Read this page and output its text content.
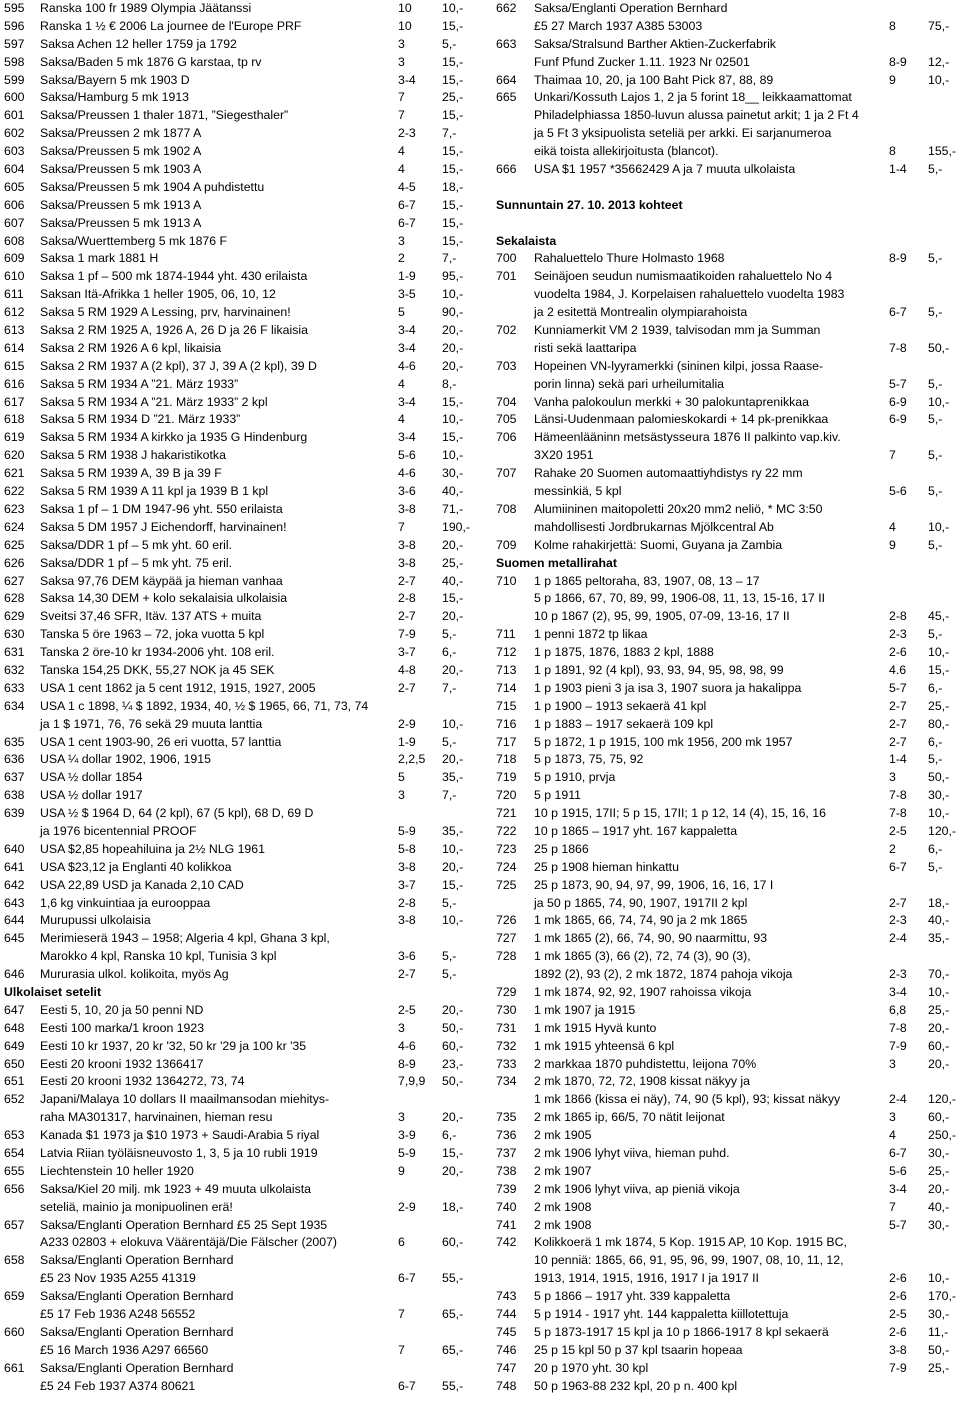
595 Ranska 100 fr 1989 Olympia Jäätanssi	10 10,-
596 Ranska 1 ½ € 2006 La journee de l'Europe PRF	10 15,-
597 Saksa Achen 12 heller 1759 ja 1792	3	5,-
598 Saksa/Baden 5 mk 1876 G karstaa, tp rv	3	15,-
599 Saksa/Bayern 5 mk 1903 D	3-4 15,-
600 Saksa/Hamburg 5 mk 1913	7	25,-
601 Saksa/Preussen 1 thaler 1871, ”Siegesthaler”	7	15,-
602 Saksa/Preussen 2 mk 1877 A	2-3 7,-
603 Saksa/Preussen 5 mk 1902 A	4	15,-
604 Saksa/Preussen 5 mk 1903 A	4	15,-
605 Saksa/Preussen 5 mk 1904 A puhdistettu	4-5 18,-
606 Saksa/Preussen 5 mk 1913 A	6-7 15,-
607 Saksa/Preussen 5 mk 1913 A	6-7 15,-
608 Saksa/Wuerttemberg 5 mk 1876 F	3	15,-
609 Saksa 1 mark 1881 H	2	7,-
610 Saksa 1 pf – 500 mk 1874-1944 yht. 430 erilaista	1-9 95,-
611 Saksan Itä-Afrikka 1 heller 1905, 06, 10, 12	3-5 10,-
612 Saksa 5 RM 1929 A Lessing, prv, harvinainen!	5	90,-
613 Saksa 2 RM 1925 A, 1926 A, 26 D ja 26 F likaisia	3-4 20,-
614 Saksa 2 RM 1926 A 6 kpl, likaisia	3-4 20,-
615 Saksa 2 RM 1937 A (2 kpl), 37 J, 39 A (2 kpl), 39 D	4-6 20,-
616 Saksa 5 RM 1934 A ”21. März 1933”	4	8,-
617 Saksa 5 RM 1934 A ”21. März 1933” 2 kpl	3-4 15,-
618 Saksa 5 RM 1934 D ”21. März 1933”	4	10,-
619 Saksa 5 RM 1934 A kirkko ja 1935 G Hindenburg	3-4 15,-
620 Saksa 5 RM 1938 J hakaristikotka	5-6 10,-
621 Saksa 5 RM 1939 A, 39 B ja 39 F	4-6 30,-
622 Saksa 5 RM 1939 A 11 kpl ja 1939 B 1 kpl	3-6 40,-
623 Saksa 1 pf – 1 DM 1947-96 yht. 550 erilaista	3-8 71,-
624 Saksa 5 DM 1957 J Eichendorff, harvinainen!	7	190,-
625 Saksa/DDR 1 pf – 5 mk yht. 60 eril.	3-8 20,-
626 Saksa/DDR 1 pf – 5 mk yht. 75 eril.	3-8 25,-
627 Saksa 97,76 DEM käypää ja hieman vanhaa	2-7 40,-
628 Saksa 14,30 DEM + kolo sekalaisia ulkolaisia	2-8 15,-
629 Sveitsi 37,46 SFR, Itäv. 137 ATS + muita	2-7 20,-
630 Tanska 5 öre 1963 – 72, joka vuotta 5 kpl	7-9 5,-
631 Tanska 2 öre-10 kr 1934-2006 yht. 108 eril.	3-7 6,-
632 Tanska 154,25 DKK, 55,27 NOK ja 45 SEK	4-8 20,-
633 USA 1 cent 1862 ja 5 cent 1912, 1915, 1927, 2005	2-7 7,-
634 USA 1 c 1898, ¼ $ 1892, 1934, 40, ½ $ 1965, 66, 71, 73, 74
ja 1 $ 1971, 76, 76 sekä 29 muuta lanttia	2-9 10,-
635 USA 1 cent 1903-90, 26 eri vuotta, 57 lanttia	1-9 5,-
636 USA ¼ dollar 1902, 1906, 1915	2,2,5 20,-
637 USA ½ dollar 1854	5	35,-
638 USA ½ dollar 1917	3	7,-
639 USA ½ $ 1964 D, 64 (2 kpl), 67 (5 kpl), 68 D, 69 D
ja 1976 bicentennial PROOF	5-9 35,-
640 USA $2,85 hopeahiluina ja 2½ NLG 1961	5-8 10,-
641 USA $23,12 ja Englanti 40 kolikkoa	3-8 20,-
642 USA 22,89 USD ja Kanada 2,10 CAD	3-7 15,-
643 1,6 kg vinkuintiaa ja eurooppaa	2-8 5,-
644 Murupussi ulkolaisia	3-8 10,-
645 Merimieserä 1943 – 1958; Algeria 4 kpl, Ghana 3 kpl,
Marokko 4 kpl, Ranska 10 kpl, Tunisia 3 kpl	3-6 5,-
646 Mururasia ulkol. kolikoita, myös Ag	2-7 5,-
Ulkolaiset setelit
647 Eesti 5, 10, 20 ja 50 penni ND	2-5 20,-
648 Eesti 100 marka/1 kroon 1923	3	50,-
649 Eesti 10 kr 1937, 20 kr '32, 50 kr '29 ja 100 kr '35	4-6 60,-
650 Eesti 20 krooni 1932 1366417	8-9 23,-
651 Eesti 20 krooni 1932 1364272, 73, 74	7,9,9 50,-
652 Japani/Malaya 10 dollars II maailmansodan miehitys-
raha MA301317, harvinainen, hieman resu	3	20,-
653 Kanada $1 1973 ja $10 1973 + Saudi-Arabia 5 riyal	3-9 6,-
654 Latvia Riian työläisneuvosto 1, 3, 5 ja 10 rubli 1919	5-9 15,-
655 Liechtenstein 10 heller 1920	9	20,-
656 Saksa/Kiel 20 milj. mk 1923 + 49 muuta ulkolaista
seteliä, mainio ja monipuolinen erä!	2-9 18,-
657 Saksa/Englanti Operation Bernhard £5 25 Sept 1935
A233 02803 + elokuva Väärentäjä/Die Fälscher (2007)	6	60,-
658 Saksa/Englanti Operation Bernhard
£5 23 Nov 1935 A255 41319	6-7 55,-
659 Saksa/Englanti Operation Bernhard
£5 17 Feb 1936 A248 56552	7	65,-
660 Saksa/Englanti Operation Bernhard
£5 16 March 1936 A297 66560	7	65,-
661 Saksa/Englanti Operation Bernhard
£5 24 Feb 1937 A374 80621	6-7 55,-
662 Saksa/Englanti Operation Bernhard
£5 27 March 1937 A385 53003	8	75,-
663 Saksa/Stralsund Barther Aktien-Zuckerfabrik
Funf Pfund Zucker 1.11. 1923 Nr 02501	8-9 12,-
664 Thaimaa 10, 20, ja 100 Baht Pick 87, 88, 89	9	10,-
665 Unkari/Kossuth Lajos 1, 2 ja 5 forint 18__ leikkaamattomat
Philadelphiassa 1850-luvun alussa painetut arkit; 1 ja 2 Ft 4
ja 5 Ft 3 yksipuolista seteliä per arkki. Ei sarjanumeroa
eikä toista allekirjoitusta (blancot).	8	155,-
666 USA $1 1957 *35662429 A ja 7 muuta ulkolaista	1-4 5,-
Sunnuntain 27. 10. 2013 kohteet
Sekalaista
700 Rahaluettelo Thure Holmasto 1968	8-9 5,-
701 Seinäjoen seudun numismaatikoiden rahaluettelo No 4
vuodelta 1984, J. Korpelaisen rahaluettelo vuodelta 1983
ja 2 esitettä Montrealin olympiarahoista	6-7 5,-
702 Kunniamerkit VM 2 1939, talvisodan mm ja Summan
risti sekä laattaripa	7-8 50,-
703 Hopeinen VN-lyyramerkki (sininen kilpi, jossa Raase-
porin linna) sekä pari urheilumitalia	5-7 5,-
704 Vanha palokoulun merkki + 30 palokuntaprenikkaa	6-9 10,-
705 Länsi-Uudenmaan palomieskokardi + 14 pk-prenikkaa	6-9 5,-
706 Hämeenlääninn metsästysseura 1876 II palkinto vap.kiv.
3X20 1951	7	5,-
707 Rahake 20 Suomen automaattiyhdistys ry 22 mm
messinkiä, 5 kpl	5-6 5,-
708 Alumiininen maitopoletti 20x20 mm2 neliö, * MC 3:50
mahdollisesti Jordbrukarnas Mjölkcentral Ab	4	10,-
709 Kolme rahakirjettä: Suomi, Guyana ja Zambia	9	5,-
Suomen metallirahat
710 1 p 1865 peltoraha, 83, 1907, 08, 13 – 17
5 p 1866, 67, 70, 89, 99, 1906-08, 11, 13, 15-16, 17 II
10 p 1867 (2), 95, 99, 1905, 07-09, 13-16, 17 II	2-8 45,-
711 1 penni 1872 tp likaa	2-3 5,-
712 1 p 1875, 1876, 1883 2 kpl, 1888	2-6 10,-
713 1 p 1891, 92 (4 kpl), 93, 93, 94, 95, 98, 98, 99	4.6 15,-
714 1 p 1903 pieni 3 ja isa 3, 1907 suora ja hakalippa	5-7 6,-
715 1 p 1900 – 1913 sekaerä 41 kpl	2-7 25,-
716 1 p 1883 – 1917 sekaerä 109 kpl	2-7 80,-
717 5 p 1872, 1 p 1915, 100 mk 1956, 200 mk 1957	2-7 6,-
718 5 p 1873, 75, 75, 92	1-4 5,-
719 5 p 1910, prvja	3	50,-
720 5 p 1911	7-8 30,-
721 10 p 1915, 17II; 5 p 15, 17II; 1 p 12, 14 (4), 15, 16, 16	7-8 10,-
722 10 p 1865 – 1917 yht. 167 kappaletta	2-5 120,-
723 25 p 1866	2	6,-
724 25 p 1908 hieman hinkattu	6-7 5,-
725 25 p 1873, 90, 94, 97, 99, 1906, 16, 16, 17 I
ja 50 p 1865, 74, 90, 1907, 1917II 2 kpl	2-7 18,-
726 1 mk 1865, 66, 74, 74, 90 ja 2 mk 1865	2-3 40,-
727 1 mk 1865 (2), 66, 74, 90, 90 naarmittu, 93	2-4 35,-
728 1 mk 1865 (3), 66 (2), 72, 74 (3), 90 (3),
1892 (2), 93 (2), 2 mk 1872, 1874 pahoja vikoja	2-3 70,-
729 1 mk 1874, 92, 92, 1907 rahoissa vikoja	3-4 10,-
730 1 mk 1907 ja 1915	6,8 25,-
731 1 mk 1915 Hyvä kunto	7-8 20,-
732 1 mk 1915 yhteensä 6 kpl	7-9 60,-
733 2 markkaa 1870 puhdistettu, leijona 70%	3	20,-
734 2 mk 1870, 72, 72, 1908 kissat näkyy ja
1 mk 1866 (kissa ei näy), 74, 90 (5 kpl), 93; kissat näkyy	2-4 120,-
735 2 mk 1865 ip, 66/5, 70 nätit leijonat	3	60,-
736 2 mk 1905	4	250,-
737 2 mk 1906 lyhyt viiva, hieman puhd.	6-7 30,-
738 2 mk 1907	5-6 25,-
739 2 mk 1906 lyhyt viiva, ap pieniä vikoja	3-4 20,-
740 2 mk 1908	7	40,-
741 2 mk 1908	5-7 30,-
742 Kolikkoerä 1 mk 1874, 5 Kop. 1915 AP, 10 Kop. 1915 BC,
10 penniä: 1865, 66, 91, 95, 96, 99, 1907, 08, 10, 11, 12,
1913, 1914, 1915, 1916, 1917 I ja 1917 II	2-6 10,-
743 5 p 1866 – 1917 yht. 339 kappaletta	2-6 170,-
744 5 p 1914 - 1917 yht. 144 kappaletta kiillotettuja	2-5 30,-
745 5 p 1873-1917 15 kpl ja 10 p 1866-1917 8 kpl sekaerä	2-6 11,-
746 25 p 15 kpl 50 p 37 kpl tsaarin hopeaa	3-8 50,-
747 20 p 1970 yht. 30 kpl	7-9 25,-
748 50 p 1963-88 232 kpl, 20 p n. 400 kpl
